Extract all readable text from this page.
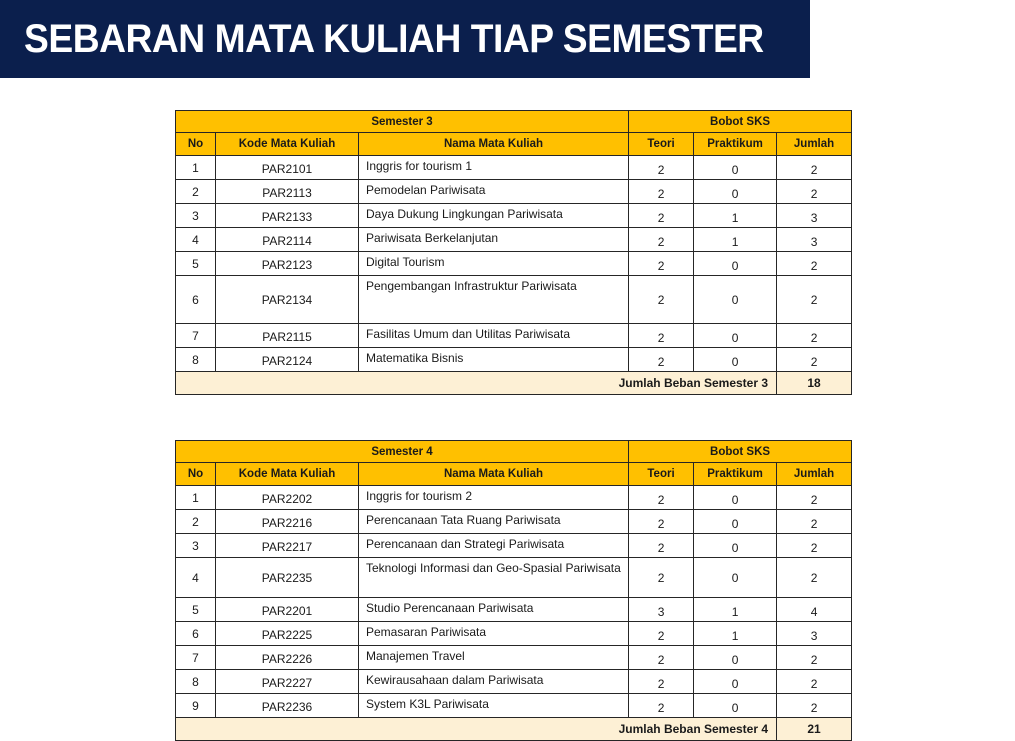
SEBARAN MATA KULIAH TIAP SEMESTER
Semester 3			Bobot SKS		
No	Kode Mata Kuliah	Nama Mata Kuliah	Teori	Praktikum	Jumlah
1	PAR2101	Inggris for tourism 1	2	0	2
2	PAR2113	Pemodelan Pariwisata	2	0	2
3	PAR2133	Daya Dukung Lingkungan Pariwisata	2	1	3
4	PAR2114	Pariwisata Berkelanjutan	2	1	3
5	PAR2123	Digital Tourism	2	0	2
6	PAR2134	Pengembangan Infrastruktur Pariwisata	2	0	2
7	PAR2115	Fasilitas Umum dan Utilitas Pariwisata	2	0	2
8	PAR2124	Matematika Bisnis	2	0	2
Jumlah Beban Semester 3					18
Semester 4			Bobot SKS		
No	Kode Mata Kuliah	Nama Mata Kuliah	Teori	Praktikum	Jumlah
1	PAR2202	Inggris for tourism 2	2	0	2
2	PAR2216	Perencanaan Tata Ruang Pariwisata	2	0	2
3	PAR2217	Perencanaan dan Strategi Pariwisata	2	0	2
4	PAR2235	Teknologi Informasi dan Geo-Spasial Pariwisata	2	0	2
5	PAR2201	Studio Perencanaan Pariwisata	3	1	4
6	PAR2225	Pemasaran Pariwisata	2	1	3
7	PAR2226	Manajemen Travel	2	0	2
8	PAR2227	Kewirausahaan dalam Pariwisata	2	0	2
9	PAR2236	System K3L Pariwisata	2	0	2
Jumlah Beban Semester 4					21
